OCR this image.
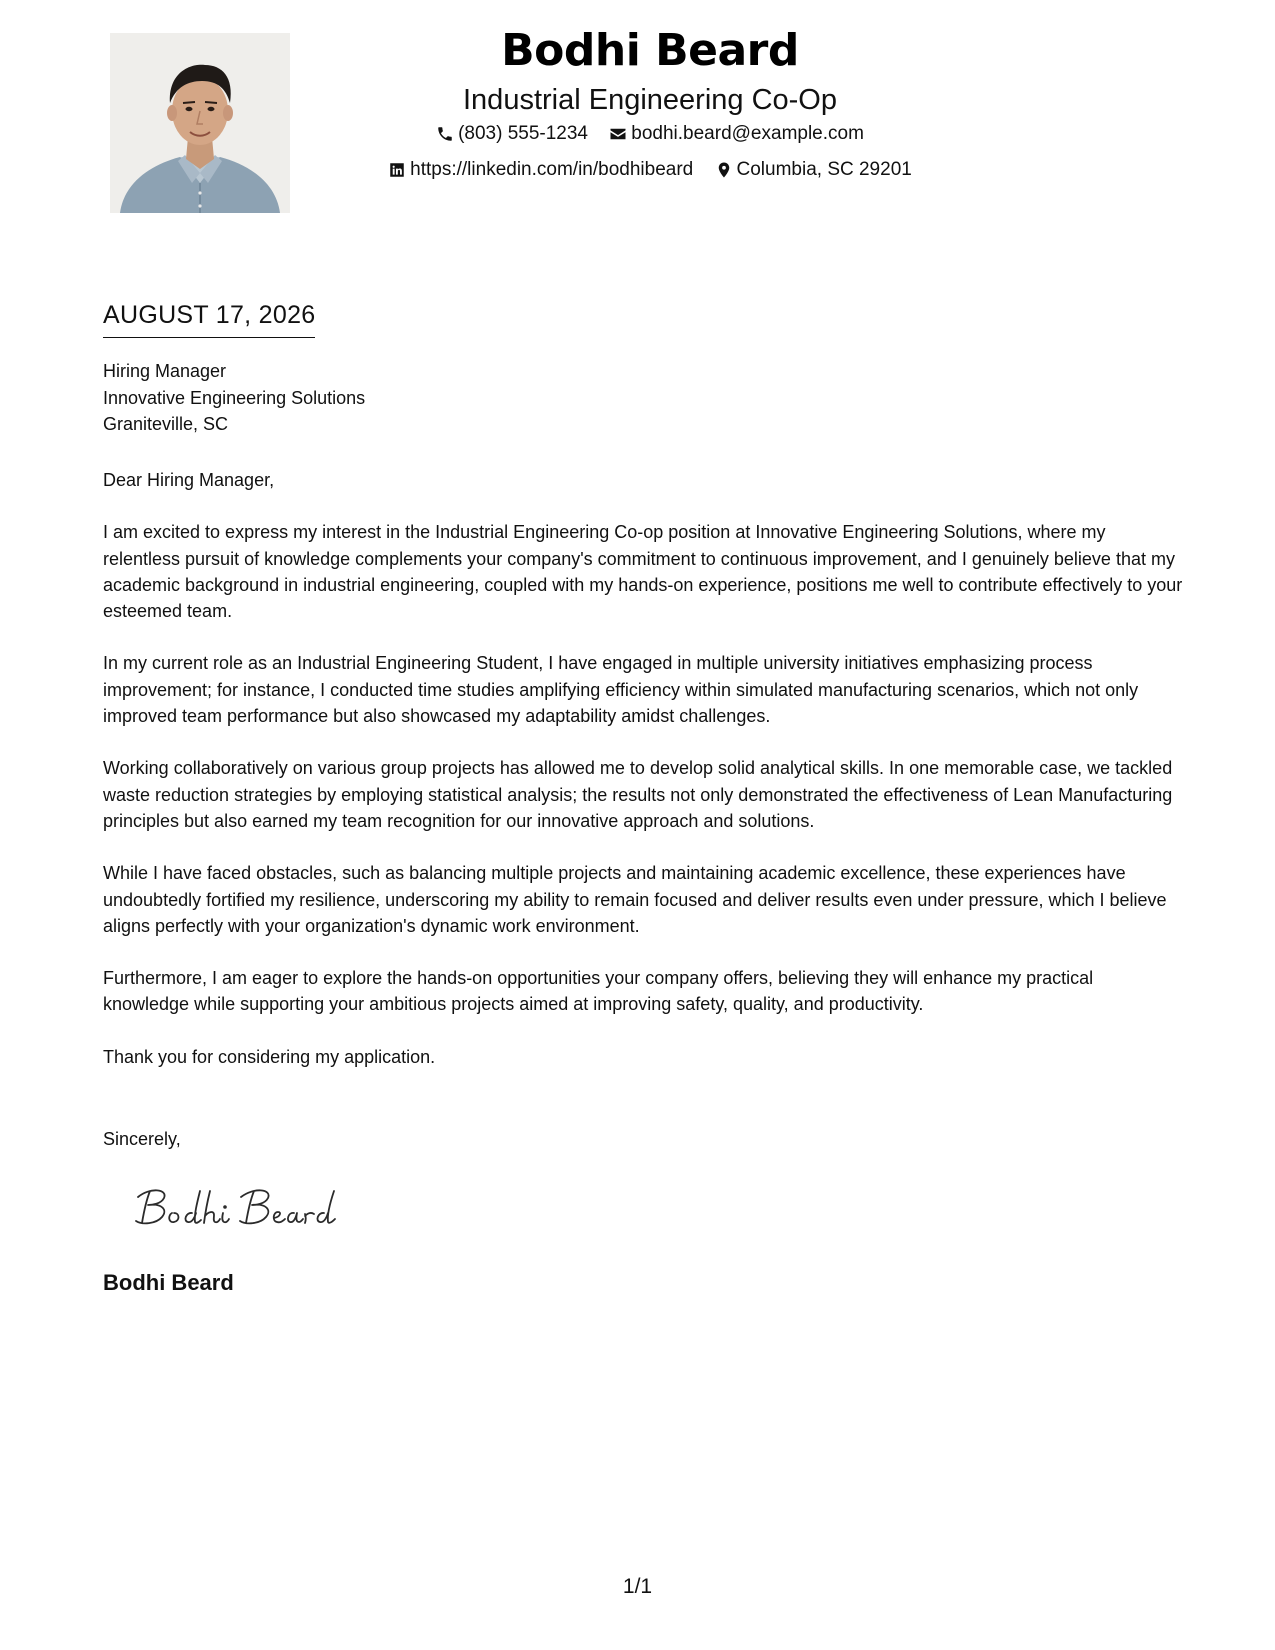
Bodhi Beard
Industrial Engineering Co-Op
(803) 555-1234
bodhi.beard@example.com
https://linkedin.com/in/bodhibeard
Columbia, SC 29201
AUGUST 17, 2026
Hiring Manager
Innovative Engineering Solutions
Graniteville, SC

Dear Hiring Manager,

I am excited to express my interest in the Industrial Engineering Co-op position at Innovative Engineering Solutions, where my relentless pursuit of knowledge complements your company's commitment to continuous improvement, and I genuinely believe that my academic background in industrial engineering, coupled with my hands-on experience, positions me well to contribute effectively to your esteemed team.

In my current role as an Industrial Engineering Student, I have engaged in multiple university initiatives emphasizing process improvement; for instance, I conducted time studies amplifying efficiency within simulated manufacturing scenarios, which not only improved team performance but also showcased my adaptability amidst challenges.

Working collaboratively on various group projects has allowed me to develop solid analytical skills. In one memorable case, we tackled waste reduction strategies by employing statistical analysis; the results not only demonstrated the effectiveness of Lean Manufacturing principles but also earned my team recognition for our innovative approach and solutions.

While I have faced obstacles, such as balancing multiple projects and maintaining academic excellence, these experiences have undoubtedly fortified my resilience, underscoring my ability to remain focused and deliver results even under pressure, which I believe aligns perfectly with your organization's dynamic work environment.

Furthermore, I am eager to explore the hands-on opportunities your company offers, believing they will enhance my practical knowledge while supporting your ambitious projects aimed at improving safety, quality, and productivity.

Thank you for considering my application.

Sincerely,
Bodhi Beard
1/1
